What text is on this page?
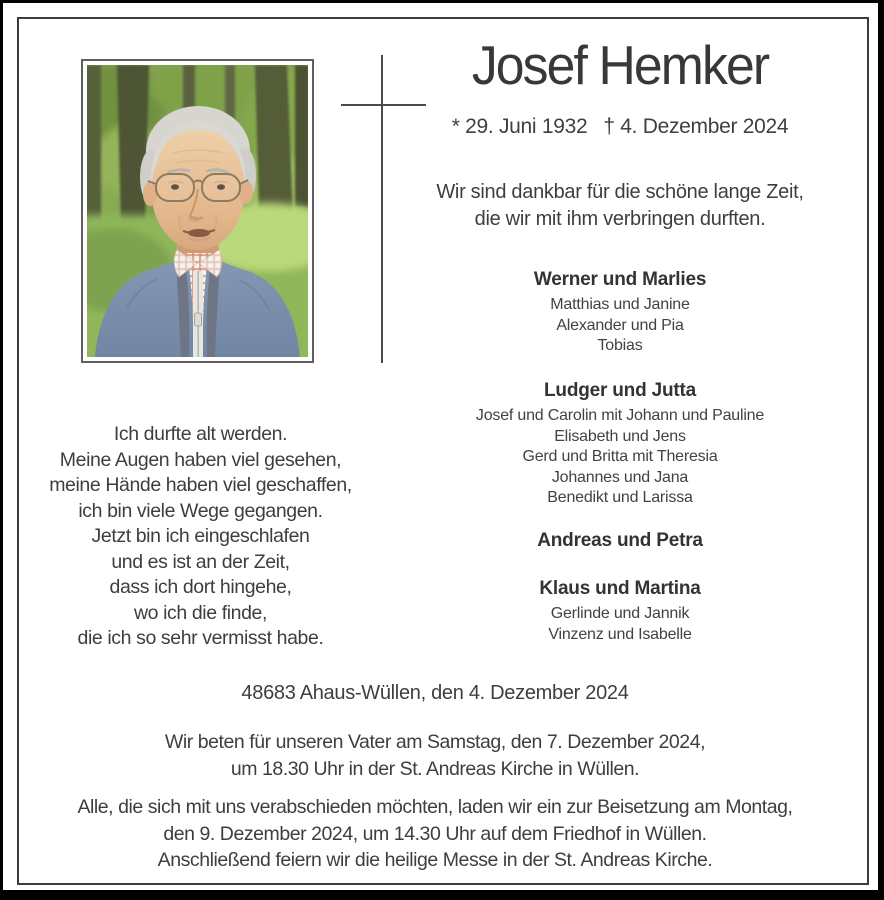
Josef Hemker
* 29. Juni 1932 † 4. Dezember 2024
Wir sind dankbar für die schöne lange Zeit,
die wir mit ihm verbringen durften.
Werner und Marlies
Matthias und Janine
Alexander und Pia
Tobias
Ludger und Jutta
Josef und Carolin mit Johann und Pauline
Elisabeth und Jens
Gerd und Britta mit Theresia
Johannes und Jana
Benedikt und Larissa
Andreas und Petra
Klaus und Martina
Gerlinde und Jannik
Vinzenz und Isabelle
Ich durfte alt werden.
Meine Augen haben viel gesehen,
meine Hände haben viel geschaffen,
ich bin viele Wege gegangen.
Jetzt bin ich eingeschlafen
und es ist an der Zeit,
dass ich dort hingehe,
wo ich die finde,
die ich so sehr vermisst habe.
48683 Ahaus-Wüllen, den 4. Dezember 2024
Wir beten für unseren Vater am Samstag, den 7. Dezember 2024,
um 18.30 Uhr in der St. Andreas Kirche in Wüllen.
Alle, die sich mit uns verabschieden möchten, laden wir ein zur Beisetzung am Montag,
den 9. Dezember 2024, um 14.30 Uhr auf dem Friedhof in Wüllen.
Anschließend feiern wir die heilige Messe in der St. Andreas Kirche.
